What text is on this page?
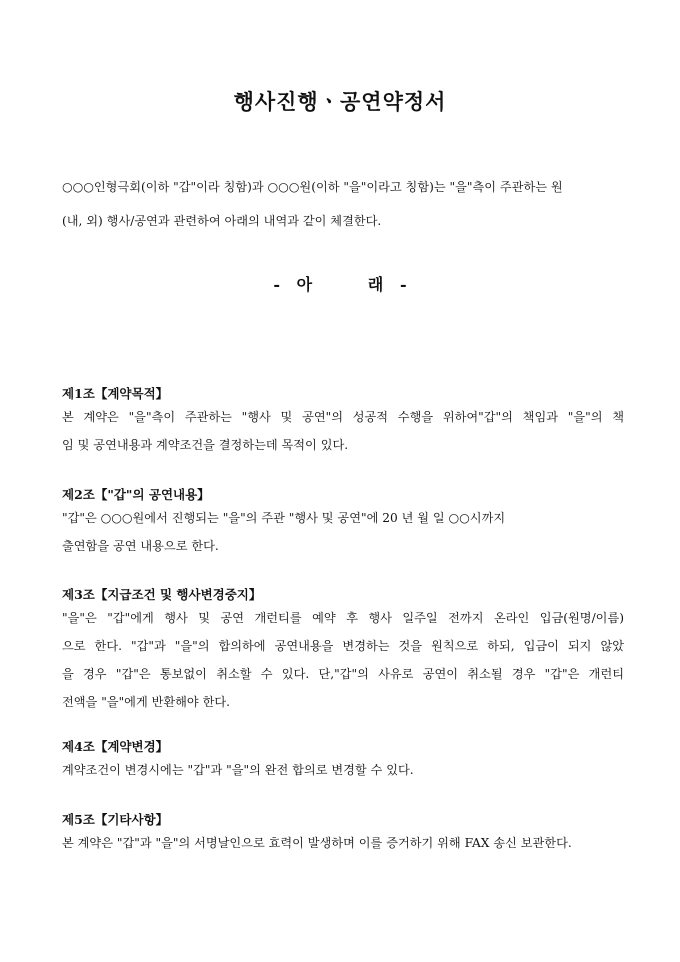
행사진행ㆍ공연약정서
○○○인형극회(이하 "갑"이라 칭함)과 ○○○원(이하 "을"이라고 칭함)는 "을"측이 주관하는 원
(내, 외) 행사/공연과 관련하여 아래의 내역과 같이 체결한다.
-   아          래   -
제1조【계약목적】
본 계약은 "을"측이 주관하는 "행사 및 공연"의 성공적 수행을 위하여"갑"의 책임과 "을"의 책
임 및 공연내용과 계약조건을 결정하는데 목적이 있다.
제2조【"갑"의 공연내용】
"갑"은 ○○○원에서 진행되는 "을"의 주관 "행사 및 공연"에 20 년 월 일 ○○시까지
출연함을 공연 내용으로 한다.
제3조【지급조건 및 행사변경중지】
"을"은 "갑"에게 행사 및 공연 개런티를 예약 후 행사 일주일 전까지 온라인 입금(원명/이름)
으로 한다. "갑"과 "을"의 합의하에 공연내용을 변경하는 것을 원칙으로 하되, 입금이 되지 않았
을 경우 "갑"은 통보없이 취소할 수 있다. 단,"갑"의 사유로 공연이 취소될 경우 "갑"은 개런티
전액을 "을"에게 반환해야 한다.
제4조【계약변경】
계약조건이 변경시에는 "갑"과 "을"의 완전 합의로 변경할 수 있다.
제5조【기타사항】
본 계약은 "갑"과 "을"의 서명날인으로 효력이 발생하며 이를 증거하기 위해 FAX 송신 보관한다.
